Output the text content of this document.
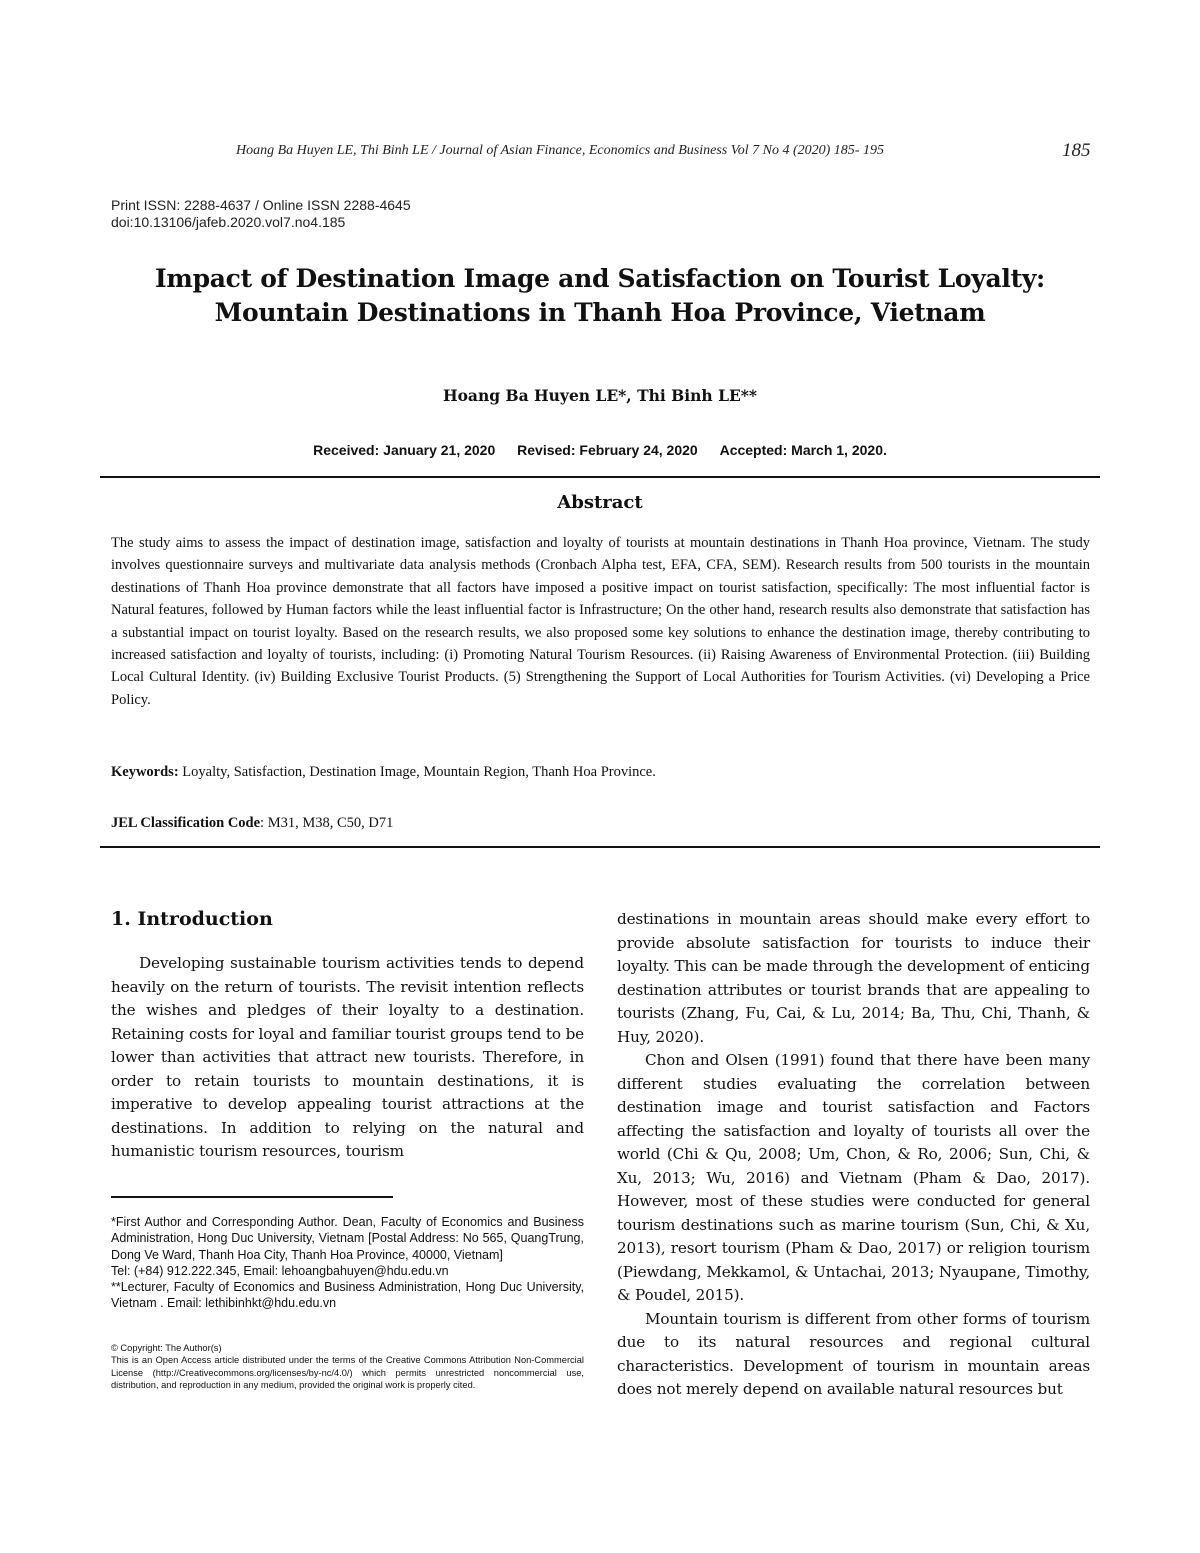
Hoang Ba Huyen LE, Thi Binh LE / Journal of Asian Finance, Economics and Business Vol 7 No 4 (2020) 185- 195	185
Print ISSN: 2288-4637 / Online ISSN 2288-4645
doi:10.13106/jafeb.2020.vol7.no4.185
Impact of Destination Image and Satisfaction on Tourist Loyalty:
Mountain Destinations in Thanh Hoa Province, Vietnam
Hoang Ba Huyen LE*, Thi Binh LE**
Received: January 21, 2020 Revised: February 24, 2020 Accepted: March 1, 2020.
Abstract
The study aims to assess the impact of destination image, satisfaction and loyalty of tourists at mountain destinations in Thanh Hoa province, Vietnam. The study involves questionnaire surveys and multivariate data analysis methods (Cronbach Alpha test, EFA, CFA, SEM). Research results from 500 tourists in the mountain destinations of Thanh Hoa province demonstrate that all factors have imposed a positive impact on tourist satisfaction, specifically: The most influential factor is Natural features, followed by Human factors while the least influential factor is Infrastructure; On the other hand, research results also demonstrate that satisfaction has a substantial impact on tourist loyalty. Based on the research results, we also proposed some key solutions to enhance the destination image, thereby contributing to increased satisfaction and loyalty of tourists, including: (i) Promoting Natural Tourism Resources. (ii) Raising Awareness of Environmental Protection. (iii) Building Local Cultural Identity. (iv) Building Exclusive Tourist Products. (5) Strengthening the Support of Local Authorities for Tourism Activities. (vi) Developing a Price Policy.
Keywords: Loyalty, Satisfaction, Destination Image, Mountain Region, Thanh Hoa Province.
JEL Classification Code: M31, M38, C50, D71
1. Introduction

Developing sustainable tourism activities tends to depend heavily on the return of tourists. The revisit intention reflects the wishes and pledges of their loyalty to a destination. Retaining costs for loyal and familiar tourist groups tend to be lower than activities that attract new tourists. Therefore, in order to retain tourists to mountain destinations, it is imperative to develop appealing tourist attractions at the destinations. In addition to relying on the natural and humanistic tourism resources, tourism

destinations in mountain areas should make every effort to provide absolute satisfaction for tourists to induce their loyalty. This can be made through the development of enticing destination attributes or tourist brands that are appealing to tourists (Zhang, Fu, Cai, & Lu, 2014; Ba, Thu, Chi, Thanh, & Huy, 2020).

Chon and Olsen (1991) found that there have been many different studies evaluating the correlation between destination image and tourist satisfaction and Factors affecting the satisfaction and loyalty of tourists all over the world (Chi & Qu, 2008; Um, Chon, & Ro, 2006; Sun, Chi, & Xu, 2013; Wu, 2016) and Vietnam (Pham & Dao, 2017). However, most of these studies were conducted for general tourism destinations such as marine tourism (Sun, Chi, & Xu, 2013), resort tourism (Pham & Dao, 2017) or religion tourism (Piewdang, Mekkamol, & Untachai, 2013; Nyaupane, Timothy, & Poudel, 2015).

Mountain tourism is different from other forms of tourism due to its natural resources and regional cultural characteristics. Development of tourism in mountain areas does not merely depend on available natural resources but

*First Author and Corresponding Author. Dean, Faculty of Economics and Business Administration, Hong Duc University, Vietnam [Postal Address: No 565, QuangTrung, Dong Ve Ward, Thanh Hoa City, Thanh Hoa Province, 40000, Vietnam]

Tel: (+84) 912.222.345, Email: lehoangbahuyen@hdu.edu.vn

**Lecturer, Faculty of Economics and Business Administration, Hong Duc University, Vietnam . Email: lethibinhkt@hdu.edu.vn

© Copyright: The Author(s)

This is an Open Access article distributed under the terms of the Creative Commons Attribution Non-Commercial License (http://Creativecommons.org/licenses/by-nc/4.0/) which permits unrestricted noncommercial use, distribution, and reproduction in any medium, provided the original work is properly cited.
